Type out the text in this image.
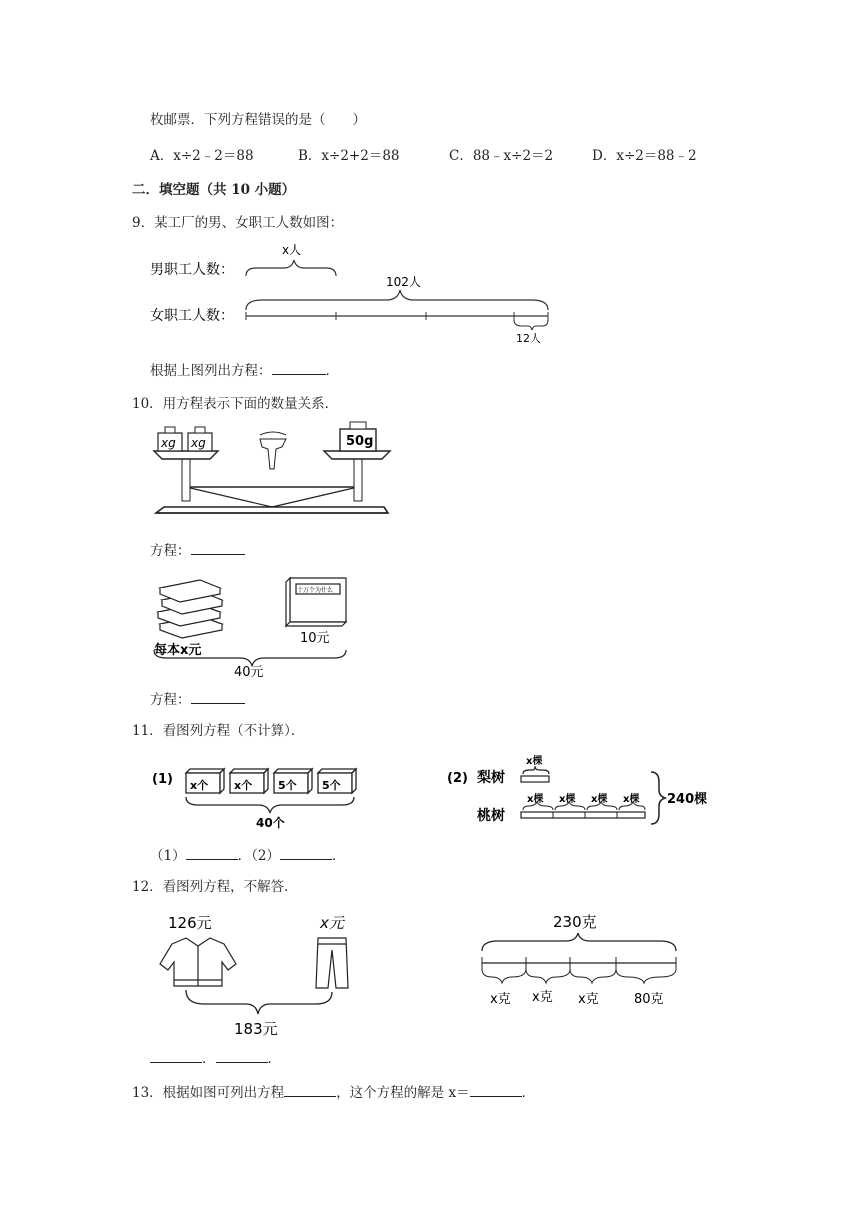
枚邮票．下列方程错误的是（　　）
A．x÷2﹣2＝88	B．x÷2+2＝88	C．88﹣x÷2＝2	D．x÷2＝88﹣2
二．填空题（共 10 小题）
9．某工厂的男、女职工人数如图：
男职工人数：
女职工人数：
x人
102人
12人
根据上图列出方程：	．
10．用方程表示下面的数量关系．
xg xg	50g
方程：
每本x元
十万个为什么
10元
40元
方程：
11．看图列方程（不计算）．
(1) x个 x个 5个 5个
40个
(2) 梨树
桃树
x棵
x棵 x棵 x棵 x棵 240棵
（1）	．（2）	．
12．看图列方程，不解答．
126元	x元
183元
230克
x克 x克 x克	80克
．	．
13．根据如图可列出方程	，这个方程的解是 x＝	．
